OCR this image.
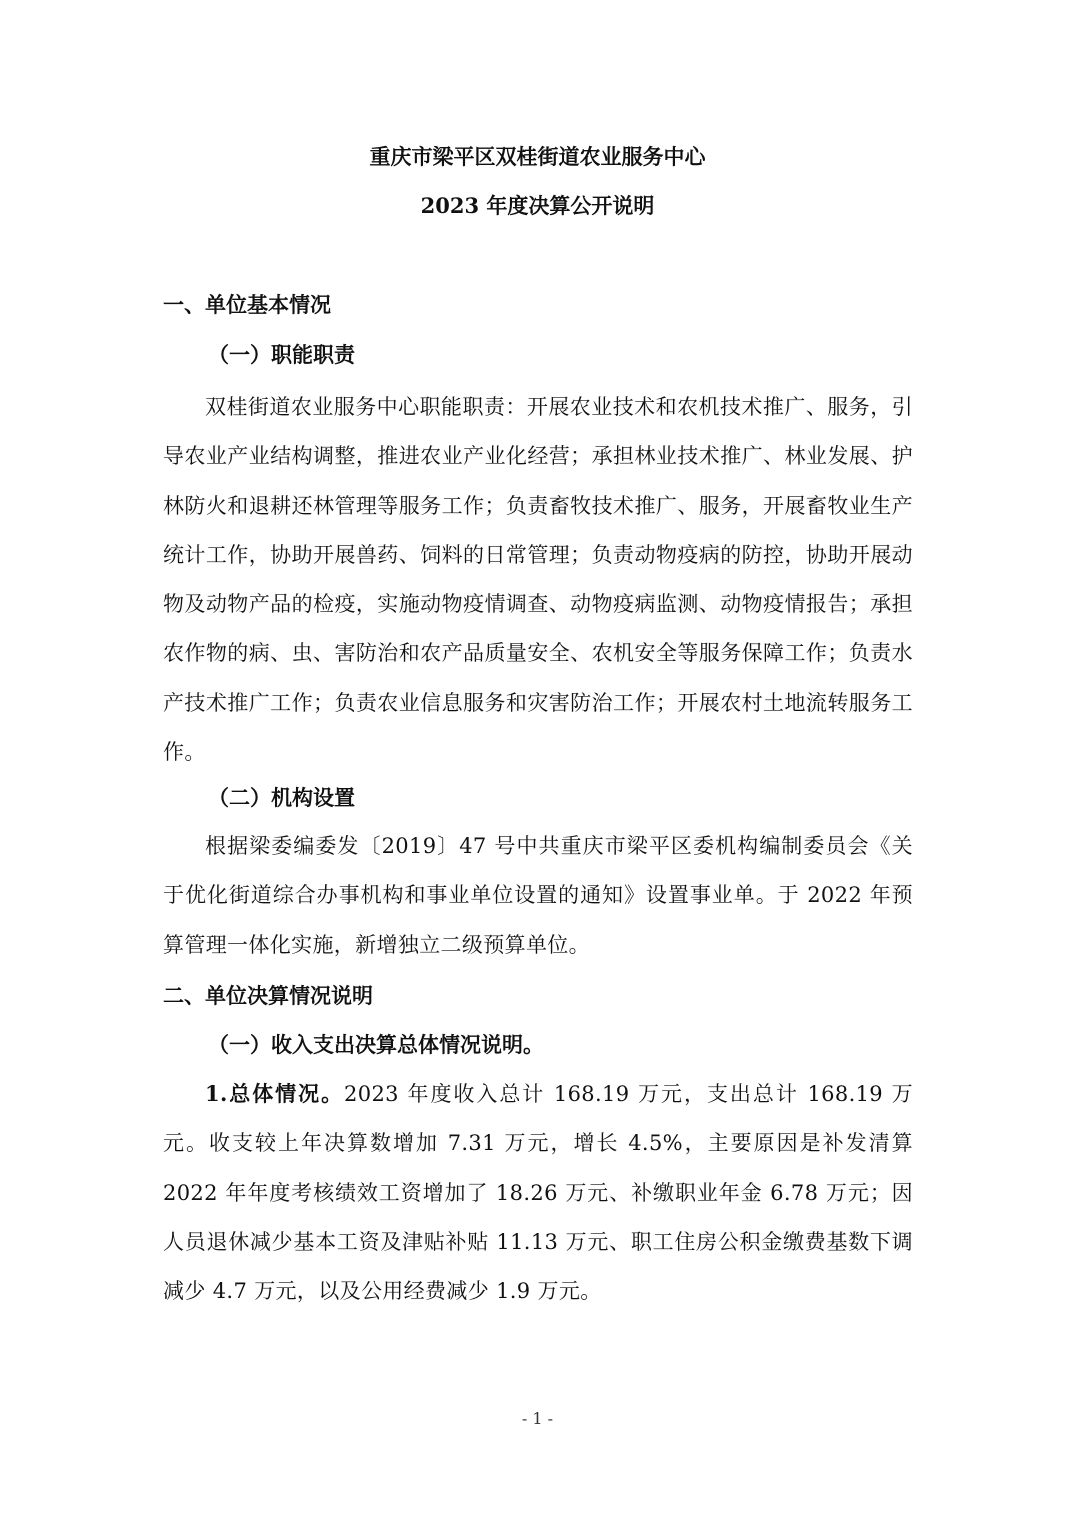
重庆市梁平区双桂街道农业服务中心
2023 年度决算公开说明
一、单位基本情况
（一）职能职责

双桂街道农业服务中心职能职责：开展农业技术和农机技术推广、服务，引导农业产业结构调整，推进农业产业化经营；承担林业技术推广、林业发展、护林防火和退耕还林管理等服务工作；负责畜牧技术推广、服务，开展畜牧业生产统计工作，协助开展兽药、饲料的日常管理；负责动物疫病的防控，协助开展动物及动物产品的检疫，实施动物疫情调查、动物疫病监测、动物疫情报告；承担农作物的病、虫、害防治和农产品质量安全、农机安全等服务保障工作；负责水产技术推广工作；负责农业信息服务和灾害防治工作；开展农村土地流转服务工作。

（二）机构设置

根据梁委编委发〔2019〕47 号中共重庆市梁平区委机构编制委员会《关于优化街道综合办事机构和事业单位设置的通知》设置事业单。于 2022 年预算管理一体化实施，新增独立二级预算单位。

二、单位决算情况说明
（一）收入支出决算总体情况说明。

1.总体情况。2023 年度收入总计 168.19 万元，支出总计 168.19 万元。收支较上年决算数增加 7.31 万元，增长 4.5%，主要原因是补发清算 2022 年年度考核绩效工资增加了 18.26 万元、补缴职业年金 6.78 万元；因人员退休减少基本工资及津贴补贴 11.13 万元、职工住房公积金缴费基数下调减少 4.7 万元，以及公用经费减少 1.9 万元。

- 1 -
